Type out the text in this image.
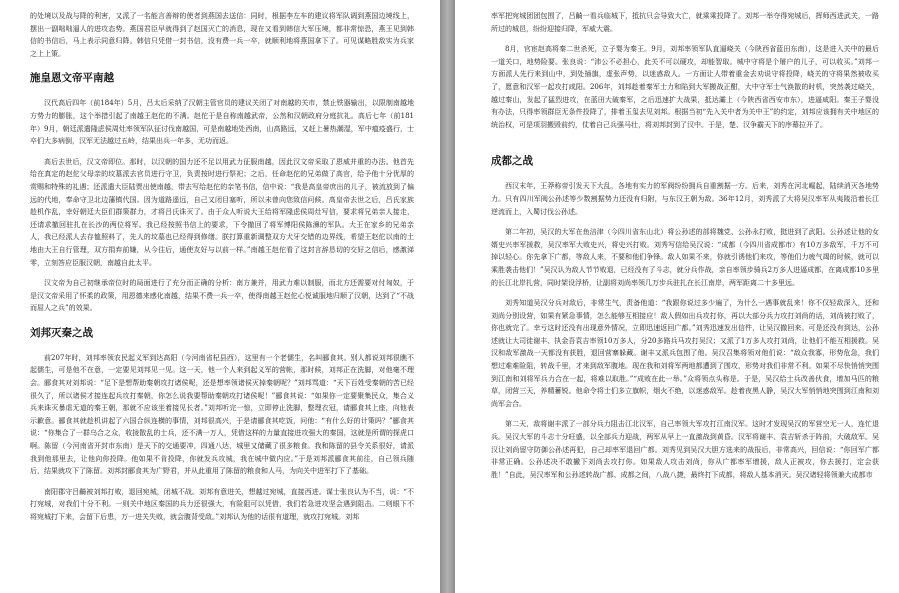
的处境以及战与降的利害，又派了一名能言善辩的使者到燕国去送信：同时，根据李左车的建议将军队调到燕国边境线上，摆出一副咄咄逼人的进攻态势。燕国君臣早就得到了赵国灭亡的消息，现在又看到韩信大军压境，都非常惊恐，燕王见到韩信的书信后，马上表示同意归降。韩信只凭借一封书信，没有费一兵一卒，就顺利地将燕国拿下了。可见谋略胜敌实为兵家之上上策。

施皇恩文帝平南越

汉代高后四年（前184年）5月，吕太后采纳了汉朝主管官员的建议关闭了对南越的关市，禁止铁器输出，以限制南越地方势力的膨胀，这个举措引起了南越王赵佗的不满。赵佗于是自称南越武帝，公然和汉朝政府分庭抗礼。高后七年（前181年）9月，朝廷派遣隆虑侯周灶率领军队征讨伐南越国，可是南越地处西南，山高路远，又赶上暑热潮湿，军中瘟疫盛行，士卒们大多病倒，汉军无法越过五岭，结果出兵一年多，无功而返。

高后去世后，汉文帝即位。那时，以汉朝的国力还不足以用武力征服南越，因此汉文帝采取了恩威并重的办法。他首先给在真定的赵佗父母亲的坟墓派去官员进行守卫，负责按时进行祭祀；之后，任命赵佗的兄弟做了高官，给予他十分优厚的赏赐和特殊的礼遇；还派遣大臣陆贾出使南越，带去写给赵佗的亲笔书信，信中说：“我是高皇帝庶出的儿子，被流放到了偏远的代地，奉命守卫北边藩镇代国。因为道路遥远，自己又闭目塞听，所以未曾向您致信问候。高皇帝去世之后，吕氏家族趁机作乱，幸好朝廷大臣们群策群力，才将吕氏诛灭了。由于众人听说大王给将军隆虑侯周灶写信，要求将兄弟亲人接走，还请求撤回驻扎在长沙的两位将军。我已经按照书信上的要求，下令撤回了将军博阳侯陈濞的军队。大王在家乡的兄弟亲人，我已经派人去存恤照料了，先人的坟墓也已经得到修缮。朕打算重新调整双方犬牙交错的边界线，希望王赵佗以南的土地由大王自行管理，双方捐弃前嫌，从今往后，通使友好与以前一样。”南越王赵佗看了这封言辞恳切的交好之信后，感激涕零，立刻答应臣服汉朝，南越自此太平。

汉文帝为自己初继承帝位时的局面进行了充分而正确的分析：南方兼并，用武力难以制服，而北方还需要对付匈奴，于是汉文帝采用了怀柔的政策，用恩德来感化南越，结果不费一兵一卒，使得南越王赵佗心悦诚服地归顺了汉朝，达到了“不战而屈人之兵”的效果。

刘邦灭秦之战

前207年时，刘邦率领农民起义军到达高阳（今河南省杞县西），这里有一个老儒生，名叫郦食其。别人都说刘邦很瞧不起儒生，可是他不在意，一定要见刘邦见一见。这一天，他一个人来到起义军的营帐，那时候，刘邦正在洗脚，对他毫不理会。郦食其对刘邦说：“足下是想帮助秦朝攻打诸侯呢，还是想率领诸侯灭掉秦朝呢？”刘邦骂道：“天下百姓受秦朝的苦已经很久了，所以诸侯才接连起兵攻打秦朝，你怎么说我要帮助秦朝攻打诸侯呢！”郦食其说：“如果你一定要聚集民众，集合义兵来诛灭暴虐无道的秦王朝，那就不应该坐着接见长者。”刘邦听完一惊，立即停止洗脚，整理衣冠，请郦食其上座，向他表示歉意。郦食其就趁机讲起了六国合纵连横的事情，刘邦很高兴，于是请郦食其吃饭，问他：“有什么好的计策吗？”郦食其说：“你集合了一群乌合之众，收拢散乱的士兵，还不满一万人，凭借这样的力量直接进攻强大的秦国，这就是所谓的探虎口啊。陈留（今河南省开封市东南）是天下的交通要冲，四通八达，城里又储藏了很多粮食。我和陈留的县令关系很好，请派我到他那里去，让他向你投降。他如果不肯投降，你就发兵攻城，我在城中做内应。”于是刘邦派郦食其前往，自己领兵随后，结果就攻下了陈留。刘邦封郦食其为广野君，并从此重用了陈留的粮食和人马，为向关中进军打下了基础。

南阳郡守吕齮被刘邦打败，退回宛城，闭城不战。刘邦有意进关，想越过宛城，直接西进。谋士张良认为不当，说：“不打宛城，对我们十分不利。一则关中地区秦国的兵力还很强大，有险阻可以凭借，我们若急进攻坚会遇到阻击。二则眼下不将宛城打下来，会留下后患，万一进关失败，就会腹背受敌。”刘邦认为他的话很有道理，就攻打宛城。刘邦

率军把宛城团团包围了，吕齮一看兵临城下，抵抗只会导致大亡，就乘乘投降了。刘邦一举夺得宛城后，挥师西进武关，一路所过的城邑，纷纷迎接归降，军威大震。

8月，官宦赵高将秦二世杀死，立子婴为秦王。9月，刘邦率领军队直逼峣关（今陕西省蓝田东南），这是进入关中的最后一道关口，地势险要。张良说：“沛公不必担心，此关不可以硬攻，却能智取。城中守将是个屠户的儿子，可以收买。”刘邦一方面派人先行来到山中，到处插旗，虚张声势，以迷惑敌人。一方面让人带着重金去劝说守将投降，峣关的守将果然被收买了，愿意和汉军一起攻打咸阳。206年，刘邦趁着秦军士力和陷到大军搬战正酣，大中守军士气涣散的时机，突然袭过峣关，越过秦山，发起了猛烈进攻，在蓝田大破秦军，之后迅速扩大战果，抵达灞上（今陕西省西安市东），进逼咸阳。秦王子婴没有办法，只得率领群臣无条件投降了，排着玉玺去见刘邦。根据当初“先入关中者为关中王”的约定，刘邦应该拥有关中地区的统治权，可是项羽搬毁前约，仗着自己兵强马壮，将刘邦封到了汉中。于是，楚、汉争霸天下的序幕拉开了。

成都之战

西汉末年，王莽称帝引发天下大乱，各地有实力的军阀纷纷拥兵自重割据一方。后来，刘秀在河北崛起，陆续消灭各地势力。只有四川军阀公孙述等少数割据势力还没有归附，与东汉王朝为敌。36年12月，刘秀派了大将吴汉率军从夷陵沿着长江逆流而上，入蜀讨伐公孙述。

第二年初，吴汉的大军在鱼涪津（今四川省东山北）将公孙述的部将魏党、公孙永打败，挺进到了武阳。公孙述让他的女婿史兴率军援救，吴汉率军大败史兴，将史兴打败。刘秀写信给吴汉说：“成都（今四川省成都市）有10万多敌军，千万不可掉以轻心。你先拿下广都，等敌人来，不要和他们争锋。敌人如果不来，你就引诱他们来攻，等他们力疲气竭的时候，就可以乘胜袭击他们！”吴汉认为敌人节节败退，已经没有了斗志，就分兵作战，亲自率领步骑兵2万多人进逼成都，在离成都10多里的长江北岸扎营，同时架设浮桥，让副将刘尚率领几万步兵驻扎在长江南岸，两军距离二十多里远。

刘秀知道吴汉分兵对敌后，非常生气，责备他道：“我跟你说过多少遍了，为什么一遇事就乱来！你不仅轻敌深入，还和刘尚分别设营，如果有紧急事情，怎么能够互相接应！敌人假如出兵攻打你，再以大部分兵力攻打刘尚的话，刘尚被打败了，你也就完了。幸亏这时还没有出现意外情况，立即迅速返回广都。”刘秀迅速发出信件，让吴汉撤回来。可是还没有到达，公孙述就让大司徒谢丰、执金吾袁吉率领10万多人，分20多路兵马攻打吴汉；又派了1万多人攻打刘尚，让他们不能互相援救。吴汉和敌军激战一天都没有获胜，退回营寨躲藏。谢丰又派兵包围了他。吴汉召集将领对他们说：“敌众我寡，形势危急，我们想过难难险阻，转战千里，才来到敌军腹地。现在我和刘将军两地都遭到了围攻，形势对我们非常不利。如果不尽快悄悄突围到江南和刘将军兵力合在一起，将难以取胜。”“成败在此一举。”众将领点头称是。于是，吴汉给士兵改善伙食，增加马匹的粮草，闭营三天，养精蓄锐。他命令将士们多立旗帜，烟火不绝，以迷惑敌军。趁着夜黑人静，吴汉大军悄悄地突围到江南和刘尚军会合。

第二天，敌将谢丰派了一部分兵力阻击江北汉军，自己率领大军攻打江南汉军。这时才发现吴汉的军营空无一人，连忙退兵。吴汉大军的斗志十分旺盛，以全部兵力迎战，两军从早上一直激战到黄昏。汉军将谢丰、袁吉斩杀于阵前，大破敌军。吴汉让刘尚留守防御公孙述再犯，自己却率军退回广都。刘秀见到吴汉大胆方选来的战报后，非常高兴，回信说：“你回军广都非常正确。公孙述决不敢撇下刘尚去攻打你。如果敌人攻击刘尚，你从广都率军增援，敌人正被攻，你去援打，定会获胜！”自此，吴汉率军和公孙述转战广都、成都之间，八战八捷，最终打下成都，将敌人基本消灭。吴汉诸轻将领兼大成都市
